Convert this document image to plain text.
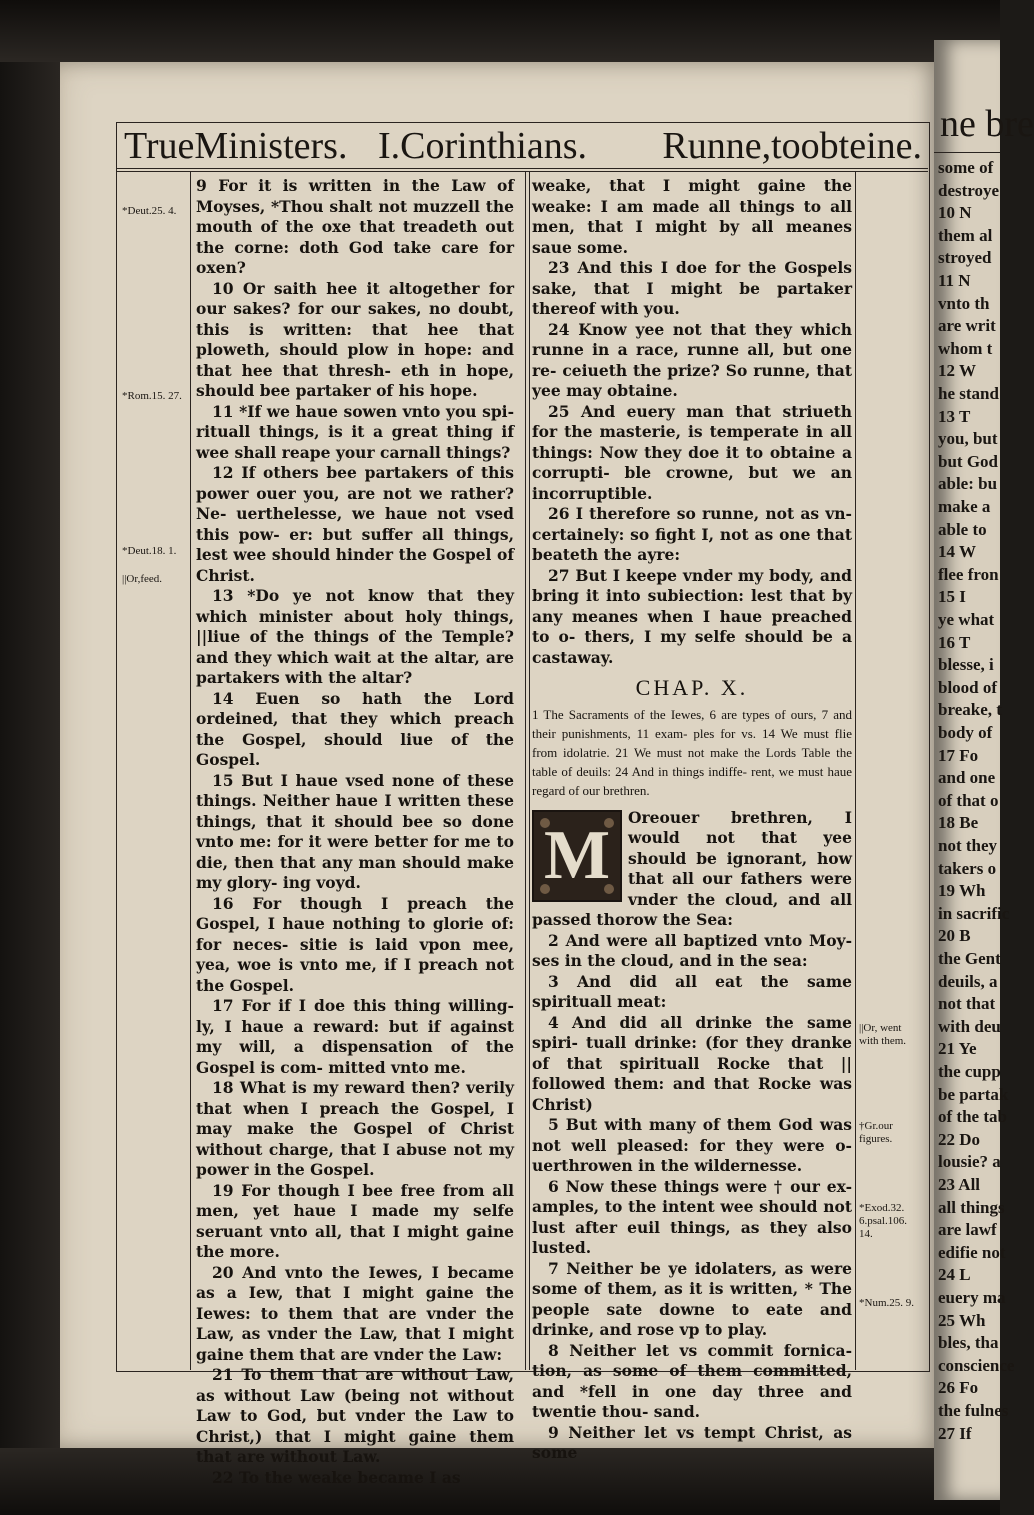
ne bre
some of
destroye
10 N
them al
stroyed
11 N
vnto th
are writ
whom t
12 W
he stand
13 T
you, but
but God
able: bu
make a
able to
14 W
flee fron
15 I
ye what
16 T
blesse, i
blood of
breake, t
body of
17 Fo
and one
of that o
18 Be
not they
takers o
19 Wh
in sacrific
20 B
the Gent
deuils, a
not that
with deu
21 Ye
the cupp
be partak
of the tab
22 Do
lousie? a
23 All
all things
are lawf
edifie not
24 L
euery ma
25 Wh
bles, tha
conscience
26 Fo
the fulnes
27 If
TrueMinisters. I.Corinthians. Runne,toobteine.
*Deut.25. 4.
*Rom.15. 27.
*Deut.18. 1.
||Or,feed.
||Or, went with them.
†Gr.our figures.
*Exod.32. 6.psal.106. 14.
*Num.25. 9.

9 For it is written in the Law of Moyses, *Thou shalt not muzzell the mouth of the oxe that treadeth out the corne: doth God take care for oxen?

10 Or saith hee it altogether for our sakes? for our sakes, no doubt, this is written: that hee that ploweth, should plow in hope: and that hee that thresh- eth in hope, should bee partaker of his hope.

11 *If we haue sowen vnto you spi- rituall things, is it a great thing if wee shall reape your carnall things?

12 If others bee partakers of this power ouer you, are not we rather? Ne- uerthelesse, we haue not vsed this pow- er: but suffer all things, lest wee should hinder the Gospel of Christ.

13 *Do ye not know that they which minister about holy things, ||liue of the things of the Temple? and they which wait at the altar, are partakers with the altar?

14 Euen so hath the Lord ordeined, that they which preach the Gospel, should liue of the Gospel.

15 But I haue vsed none of these things. Neither haue I written these things, that it should bee so done vnto me: for it were better for me to die, then that any man should make my glory- ing voyd.

16 For though I preach the Gospel, I haue nothing to glorie of: for neces- sitie is laid vpon mee, yea, woe is vnto me, if I preach not the Gospel.

17 For if I doe this thing willing- ly, I haue a reward: but if against my will, a dispensation of the Gospel is com- mitted vnto me.

18 What is my reward then? verily that when I preach the Gospel, I may make the Gospel of Christ without charge, that I abuse not my power in the Gospel.

19 For though I bee free from all men, yet haue I made my selfe seruant vnto all, that I might gaine the more.

20 And vnto the Iewes, I became as a Iew, that I might gaine the Iewes: to them that are vnder the Law, as vnder the Law, that I might gaine them that are vnder the Law:

21 To them that are without Law, as without Law (being not without Law to God, but vnder the Law to Christ,) that I might gaine them that are without Law.

22 To the weake became I as

weake, that I might gaine the weake: I am made all things to all men, that I might by all meanes saue some.

23 And this I doe for the Gospels sake, that I might be partaker thereof with you.

24 Know yee not that they which runne in a race, runne all, but one re- ceiueth the prize? So runne, that yee may obtaine.

25 And euery man that striueth for the masterie, is temperate in all things: Now they doe it to obtaine a corrupti- ble crowne, but we an incorruptible.

26 I therefore so runne, not as vn- certainely: so fight I, not as one that beateth the ayre:

27 But I keepe vnder my body, and bring it into subiection: lest that by any meanes when I haue preached to o- thers, I my selfe should be a castaway.

CHAP. X.
1 The Sacraments of the Iewes, 6 are types of ours, 7 and their punishments, 11 exam- ples for vs. 14 We must flie from idolatrie. 21 We must not make the Lords Table the table of deuils: 24 And in things indiffe- rent, we must haue regard of our brethren.
M	Oreouer brethren, I would not that yee should be ignorant, how that all our fathers were vnder the cloud, and all passed thorow the Sea:

2 And were all baptized vnto Moy- ses in the cloud, and in the sea:

3 And did all eat the same spirituall meat:

4 And did all drinke the same spiri- tuall drinke: (for they dranke of that spirituall Rocke that || followed them: and that Rocke was Christ)

5 But with many of them God was not well pleased: for they were o- uerthrowen in the wildernesse.

6 Now these things were † our ex- amples, to the intent wee should not lust after euil things, as they also lusted.

7 Neither be ye idolaters, as were some of them, as it is written, * The people sate downe to eate and drinke, and rose vp to play.

8 Neither let vs commit fornica- tion, as some of them committed, and *fell in one day three and twentie thou- sand.

9 Neither let vs tempt Christ, as some
